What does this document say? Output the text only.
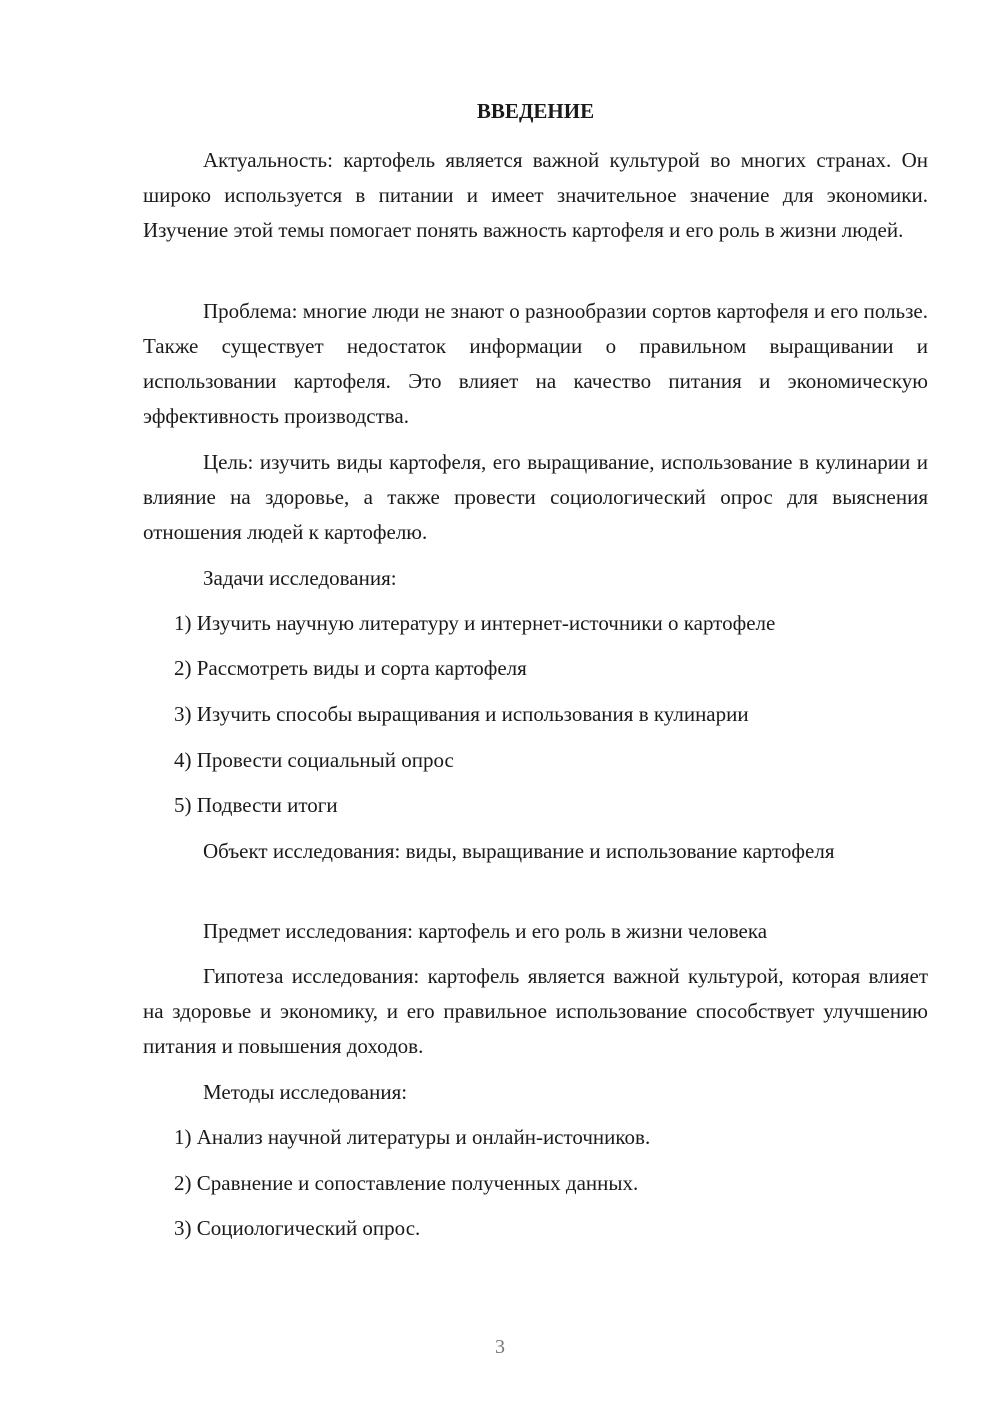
ВВЕДЕНИЕ

Актуальность: картофель является важной культурой во многих странах. Он широко используется в питании и имеет значительное значение для экономики. Изучение этой темы помогает понять важность картофеля и его роль в жизни людей.

Проблема: многие люди не знают о разнообразии сортов картофеля и его пользе. Также существует недостаток информации о правильном выращивании и использовании картофеля. Это влияет на качество питания и экономическую эффективность производства.

Цель: изучить виды картофеля, его выращивание, использование в кулинарии и влияние на здоровье, а также провести социологический опрос для выяснения отношения людей к картофелю.

Задачи исследования:

1) Изучить научную литературу и интернет-источники о картофеле

2) Рассмотреть виды и сорта картофеля

3) Изучить способы выращивания и использования в кулинарии

4) Провести социальный опрос

5) Подвести итоги

Объект исследования: виды, выращивание и использование картофеля

Предмет исследования: картофель и его роль в жизни человека

Гипотеза исследования: картофель является важной культурой, которая влияет на здоровье и экономику, и его правильное использование способствует улучшению питания и повышения доходов.

Методы исследования:

1) Анализ научной литературы и онлайн-источников.

2) Сравнение и сопоставление полученных данных.

3) Социологический опрос.

3
